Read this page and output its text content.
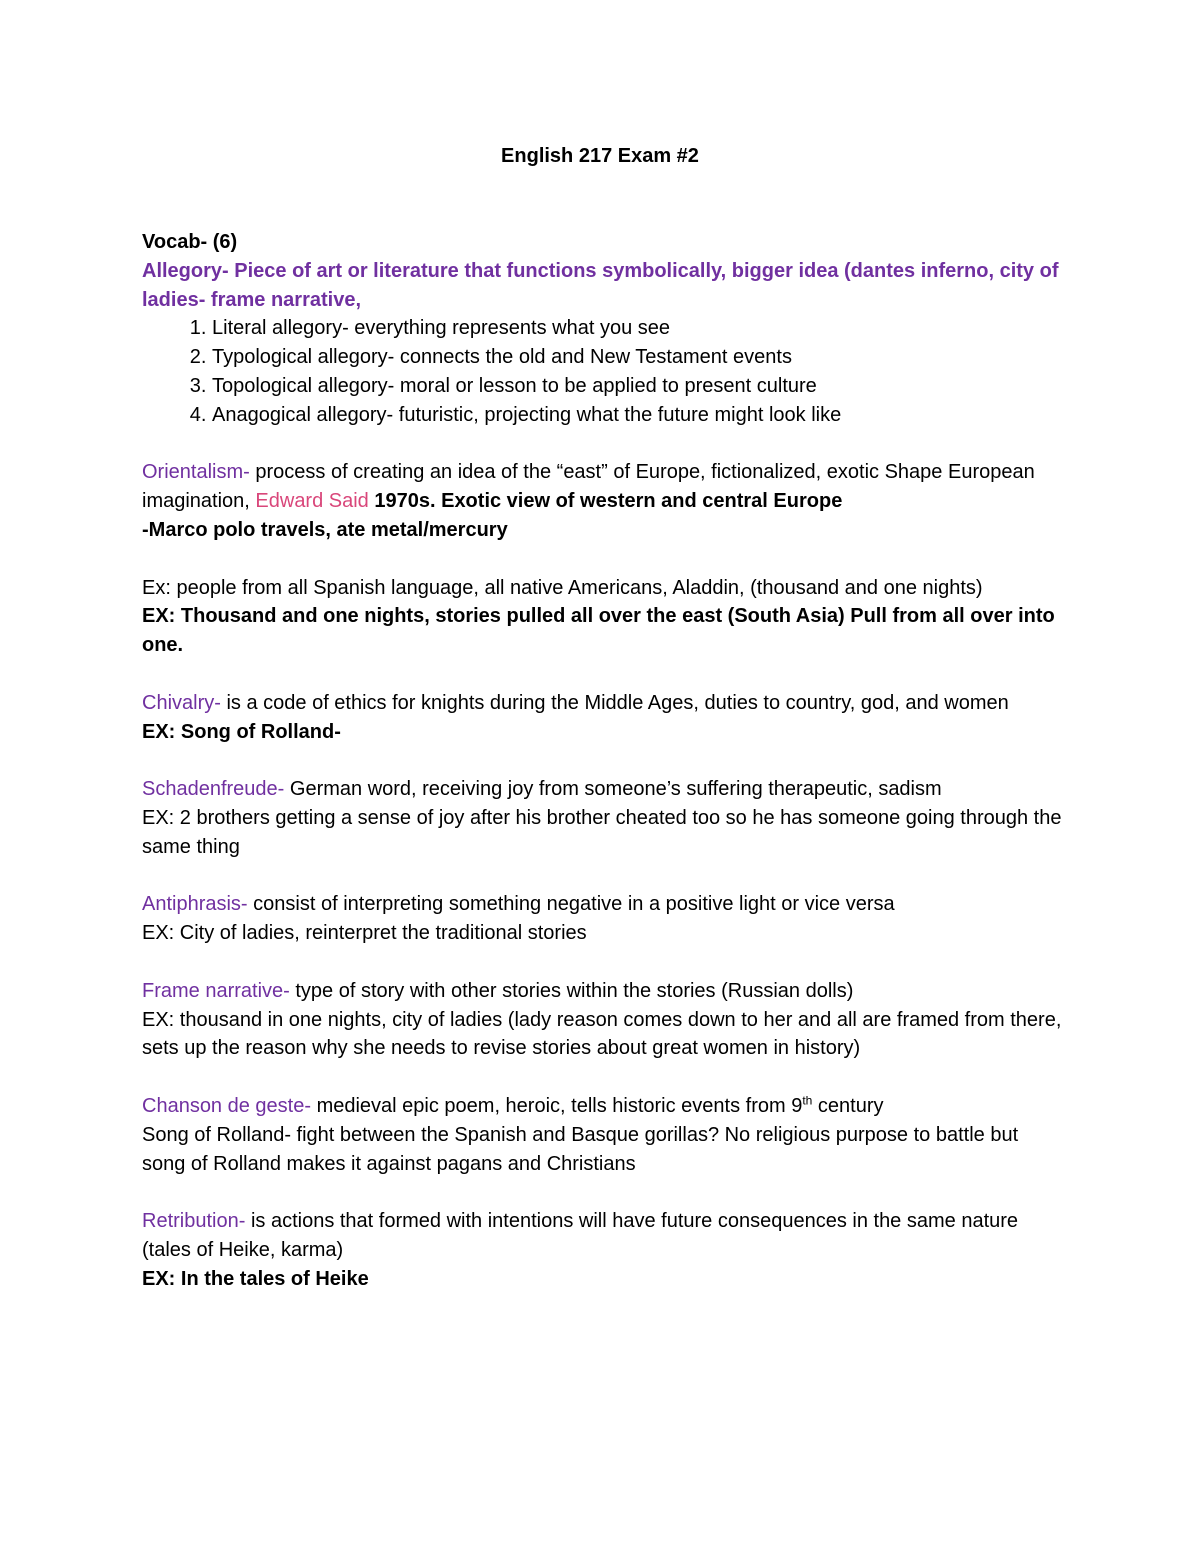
English 217 Exam #2

Vocab- (6)

Allegory- Piece of art or literature that functions symbolically, bigger idea (dantes inferno, city of ladies- frame narrative,

1. Literal allegory- everything represents what you see
2. Typological allegory- connects the old and New Testament events
3. Topological allegory- moral or lesson to be applied to present culture
4. Anagogical allegory- futuristic, projecting what the future might look like

Orientalism- process of creating an idea of the “east” of Europe, fictionalized, exotic Shape European imagination, Edward Said 1970s. Exotic view of western and central Europe

-Marco polo travels, ate metal/mercury

Ex: people from all Spanish language, all native Americans, Aladdin, (thousand and one nights)

EX: Thousand and one nights, stories pulled all over the east (South Asia) Pull from all over into one.

Chivalry- is a code of ethics for knights during the Middle Ages, duties to country, god, and women

EX: Song of Rolland-

Schadenfreude- German word, receiving joy from someone’s suffering therapeutic, sadism

EX: 2 brothers getting a sense of joy after his brother cheated too so he has someone going through the same thing

Antiphrasis- consist of interpreting something negative in a positive light or vice versa

EX: City of ladies, reinterpret the traditional stories

Frame narrative- type of story with other stories within the stories (Russian dolls)

EX: thousand in one nights, city of ladies (lady reason comes down to her and all are framed from there, sets up the reason why she needs to revise stories about great women in history)

Chanson de geste- medieval epic poem, heroic, tells historic events from 9th century

Song of Rolland- fight between the Spanish and Basque gorillas? No religious purpose to battle but song of Rolland makes it against pagans and Christians

Retribution- is actions that formed with intentions will have future consequences in the same nature (tales of Heike, karma)

EX: In the tales of Heike
